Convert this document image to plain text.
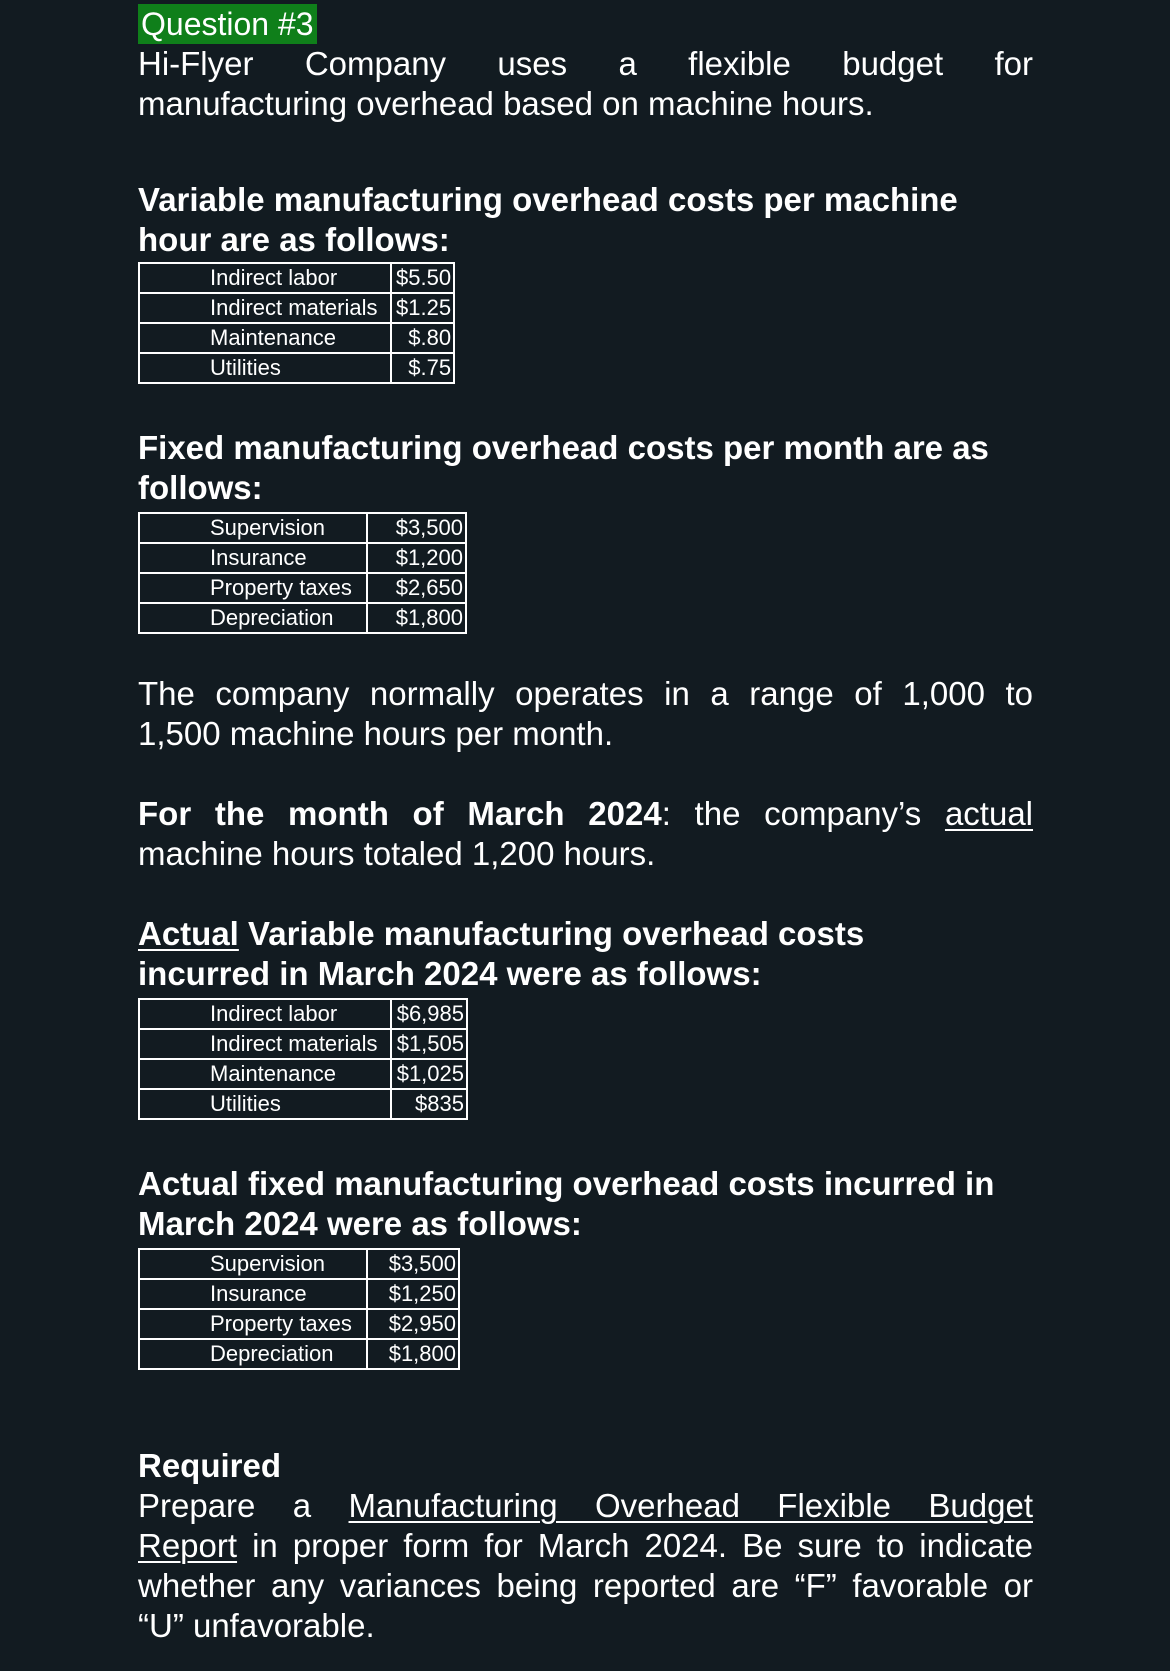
Question #3

Hi-Flyer Company uses a flexible budget for

manufacturing overhead based on machine hours.

Variable manufacturing overhead costs per machine

hour are as follows:

Indirect labor	$5.50
Indirect materials	$1.25
Maintenance	$.80
Utilities	$.75

Fixed manufacturing overhead costs per month are as

follows:

Supervision	$3,500
Insurance	$1,200
Property taxes	$2,650
Depreciation	$1,800

The company normally operates in a range of 1,000 to

1,500 machine hours per month.

For the month of March 2024: the company’s actual

machine hours totaled 1,200 hours.

Actual Variable manufacturing overhead costs

incurred in March 2024 were as follows:

Indirect labor	$6,985
Indirect materials	$1,505
Maintenance	$1,025
Utilities	$835

Actual fixed manufacturing overhead costs incurred in

March 2024 were as follows:

Supervision	$3,500
Insurance	$1,250
Property taxes	$2,950
Depreciation	$1,800

Required

Prepare a Manufacturing Overhead Flexible Budget

Report in proper form for March 2024. Be sure to indicate

whether any variances being reported are “F” favorable or

“U” unfavorable.
